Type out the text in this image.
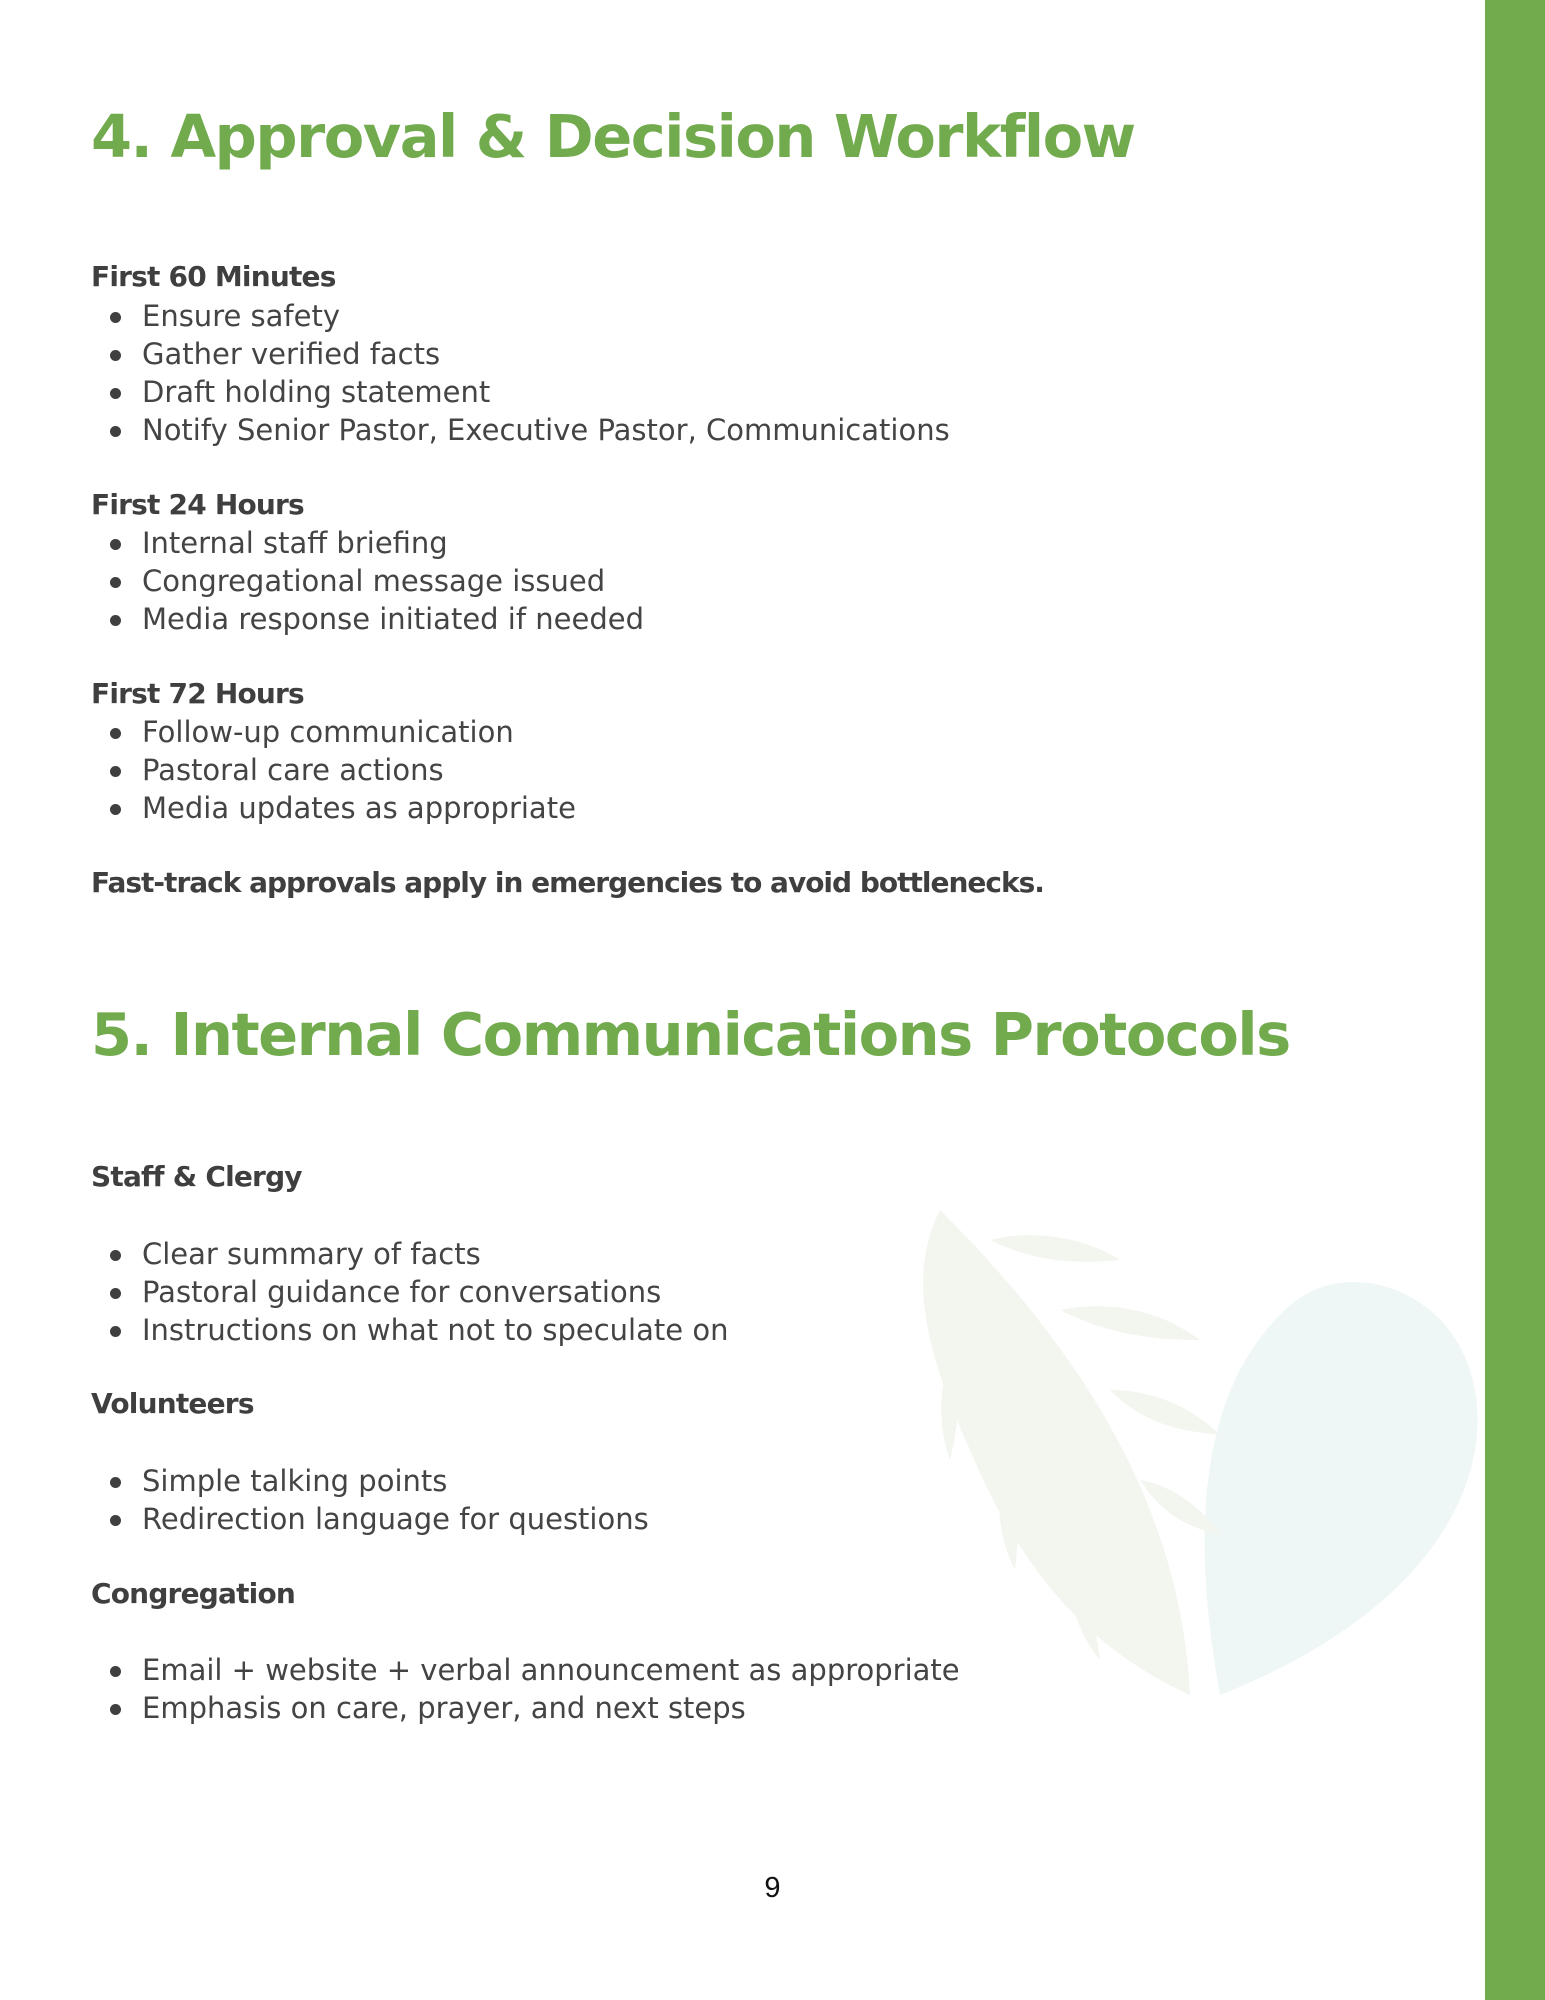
4. Approval & Decision Workflow
First 60 Minutes
Ensure safety
Gather verified facts
Draft holding statement
Notify Senior Pastor, Executive Pastor, Communications
First 24 Hours
Internal staff briefing
Congregational message issued
Media response initiated if needed
First 72 Hours
Follow-up communication
Pastoral care actions
Media updates as appropriate

Fast-track approvals apply in emergencies to avoid bottlenecks.

5. Internal Communications Protocols
Staff & Clergy
Clear summary of facts
Pastoral guidance for conversations
Instructions on what not to speculate on
Volunteers
Simple talking points
Redirection language for questions
Congregation
Email + website + verbal announcement as appropriate
Emphasis on care, prayer, and next steps
9
